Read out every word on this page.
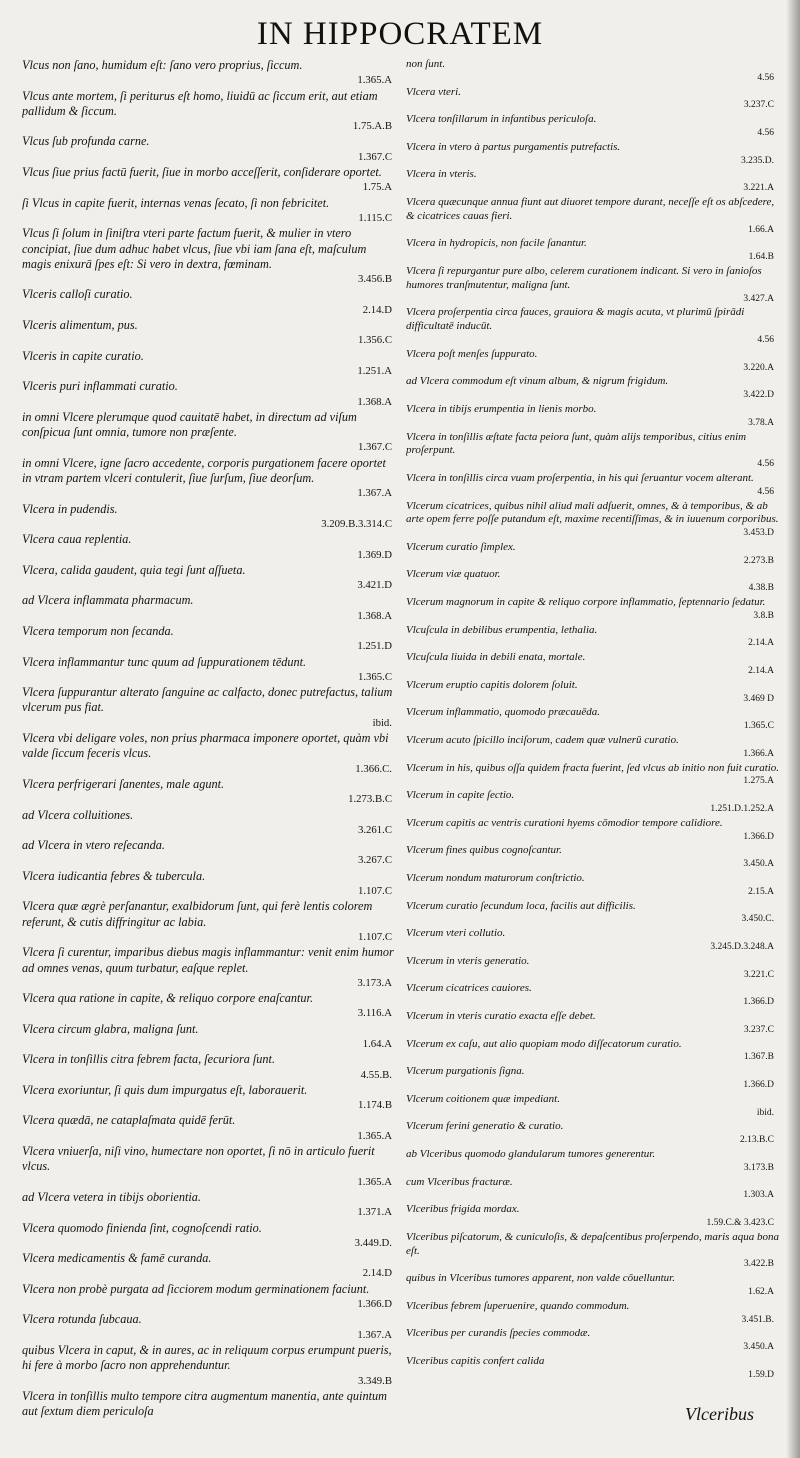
IN HIPPOCRATEM
Vlcus non ſano, humidum eſt: ſano vero proprius, ſiccum.
1.365.A
Vlcus ante mortem, ſi periturus eſt homo, liuidū ac ſiccum erit, aut etiam pallidum & ſiccum.
1.75.A.B
Vlcus ſub profunda carne.
1.367.C
Vlcus ſiue prius factū fuerit, ſiue in morbo acceſſerit, conſiderare oportet.
1.75.A
ſi Vlcus in capite fuerit, internas venas ſecato, ſi non febricitet.
1.115.C
Vlcus ſi ſolum in ſiniſtra vteri parte factum fuerit, & mulier in vtero concipiat, ſiue dum adhuc habet vlcus, ſiue vbi iam ſana eſt, maſculum magis enixurā ſpes eſt: Si vero in dextra, fœminam.
3.456.B
Vlceris calloſi curatio.
2.14.D
Vlceris alimentum, pus.
1.356.C
Vlceris in capite curatio.
1.251.A
Vlceris puri inflammati curatio.
1.368.A
in omni Vlcere plerumque quod cauitatē habet, in directum ad viſum conſpicua ſunt omnia, tumore non præſente.
1.367.C
in omni Vlcere, igne ſacro accedente, corporis purgationem facere oportet in vtram partem vlceri contulerit, ſiue ſurſum, ſiue deorſum.
1.367.A
Vlcera in pudendis.
3.209.B.3.314.C
Vlcera caua replentia.
1.369.D
Vlcera, calida gaudent, quia tegi ſunt aſſueta.
3.421.D
ad Vlcera inflammata pharmacum.
1.368.A
Vlcera temporum non ſecanda.
1.251.D
Vlcera inflammantur tunc quum ad ſuppurationem tēdunt.
1.365.C
Vlcera ſuppurantur alterato ſanguine ac calfacto, donec putrefactus, talium vlcerum pus fiat.
ibid.
Vlcera vbi deligare voles, non prius pharmaca imponere oportet, quàm vbi valde ſiccum feceris vlcus.
1.366.C.
Vlcera perfrigerari ſanentes, male agunt.
1.273.B.C
ad Vlcera colluitiones.
3.261.C
ad Vlcera in vtero reſecanda.
3.267.C
Vlcera iudicantia febres & tubercula.
1.107.C
Vlcera quæ ægrè perſanantur, exalbidorum ſunt, qui ferè lentis colorem referunt, & cutis diffringitur ac labia.
1.107.C
Vlcera ſi curentur, imparibus diebus magis inflammantur: venit enim humor ad omnes venas, quum turbatur, eaſque replet.
3.173.A
Vlcera qua ratione in capite, & reliquo corpore enaſcantur.
3.116.A
Vlcera circum glabra, maligna ſunt.
1.64.A
Vlcera in tonſillis citra febrem facta, ſecuriora ſunt.
4.55.B.
Vlcera exoriuntur, ſi quis dum impurgatus eſt, laborauerit.
1.174.B
Vlcera quædā, ne cataplaſmata quidē ferūt.
1.365.A
Vlcera vniuerſa, niſi vino, humectare non oportet, ſi nō in articulo fuerit vlcus.
1.365.A
ad Vlcera vetera in tibijs oborientia.
1.371.A
Vlcera quomodo finienda ſint, cognoſcendi ratio.
3.449.D.
Vlcera medicamentis & famē curanda.
2.14.D
Vlcera non probè purgata ad ſicciorem modum germinationem faciunt.
1.366.D
Vlcera rotunda ſubcaua.
1.367.A
quibus Vlcera in caput, & in aures, ac in reliquum corpus erumpunt pueris, hi fere à morbo ſacro non apprehenduntur.
3.349.B
Vlcera in tonſillis multo tempore citra augmentum manentia, ante quintum aut ſextum diem periculoſa
non ſunt.
4.56
Vlcera vteri.
3.237.C
Vlcera tonſillarum in infantibus periculoſa.
4.56
Vlcera in vtero à partus purgamentis putrefactis.
3.235.D.
Vlcera in vteris.
3.221.A
Vlcera quæcunque annua fiunt aut diuoret tempore durant, neceſſe eſt os abſcedere, & cicatrices cauas fieri.
1.66.A
Vlcera in hydropicis, non facile ſanantur.
1.64.B
Vlcera ſi repurgantur pure albo, celerem curationem indicant. Si vero in ſanioſos humores tranſmutentur, maligna ſunt.
3.427.A
Vlcera proſerpentia circa fauces, grauiora & magis acuta, vt plurimū ſpirādi difficultatē inducūt.
4.56
Vlcera poſt menſes ſuppurato.
3.220.A
ad Vlcera commodum eſt vinum album, & nigrum frigidum.
3.422.D
Vlcera in tibijs erumpentia in lienis morbo.
3.78.A
Vlcera in tonſillis æſtate facta peiora ſunt, quàm alijs temporibus, citius enim proſerpunt.
4.56
Vlcera in tonſillis circa vuam proſerpentia, in his qui ſeruantur vocem alterant.
4.56
Vlcerum cicatrices, quibus nihil aliud mali adſuerit, omnes, & à temporibus, & ab arte opem ferre poſſe putandum eſt, maxime recentiſſimas, & in iuuenum corporibus.
3.453.D
Vlcerum curatio ſimplex.
2.273.B
Vlcerum viæ quatuor.
4.38.B
Vlcerum magnorum in capite & reliquo corpore inflammatio, ſeptennario ſedatur.
3.8.B
Vlcuſcula in debilibus erumpentia, lethalia.
2.14.A
Vlcuſcula liuida in debili enata, mortale.
2.14.A
Vlcerum eruptio capitis dolorem ſoluit.
3.469 D
Vlcerum inflammatio, quomodo præcauēda.
1.365.C
Vlcerum acuto ſpicillo inciſorum, cadem quæ vulnerū curatio.
1.366.A
Vlcerum in his, quibus oſſa quidem fracta fuerint, ſed vlcus ab initio non fuit curatio.
1.275.A
Vlcerum in capite ſectio.
1.251.D.1.252.A
Vlcerum capitis ac ventris curationi hyems cōmodior tempore calidiore.
1.366.D
Vlcerum fines quibus cognoſcantur.
3.450.A
Vlcerum nondum maturorum conſtrictio.
2.15.A
Vlcerum curatio ſecundum loca, facilis aut difficilis.
3.450.C.
Vlcerum vteri collutio.
3.245.D.3.248.A
Vlcerum in vteris generatio.
3.221.C
Vlcerum cicatrices cauiores.
1.366.D
Vlcerum in vteris curatio exacta eſſe debet.
3.237.C
Vlcerum ex caſu, aut alio quopiam modo diſſecatorum curatio.
1.367.B
Vlcerum purgationis ſigna.
1.366.D
Vlcerum coitionem quæ impediant.
ibid.
Vlcerum ferini generatio & curatio.
2.13.B.C
ab Vlceribus quomodo glandularum tumores generentur.
3.173.B
cum Vlceribus fracturæ.
1.303.A
Vlceribus frigida mordax.
1.59.C.& 3.423.C
Vlceribus piſcatorum, & cuniculoſis, & depaſcentibus proſerpendo, maris aqua bona eſt.
3.422.B
quibus in Vlceribus tumores apparent, non valde cōuelluntur.
1.62.A
Vlceribus febrem ſuperuenire, quando commodum.
3.451.B.
Vlceribus per curandis ſpecies commodæ.
3.450.A
Vlceribus capitis confert calida
1.59.D
Vlceribus
